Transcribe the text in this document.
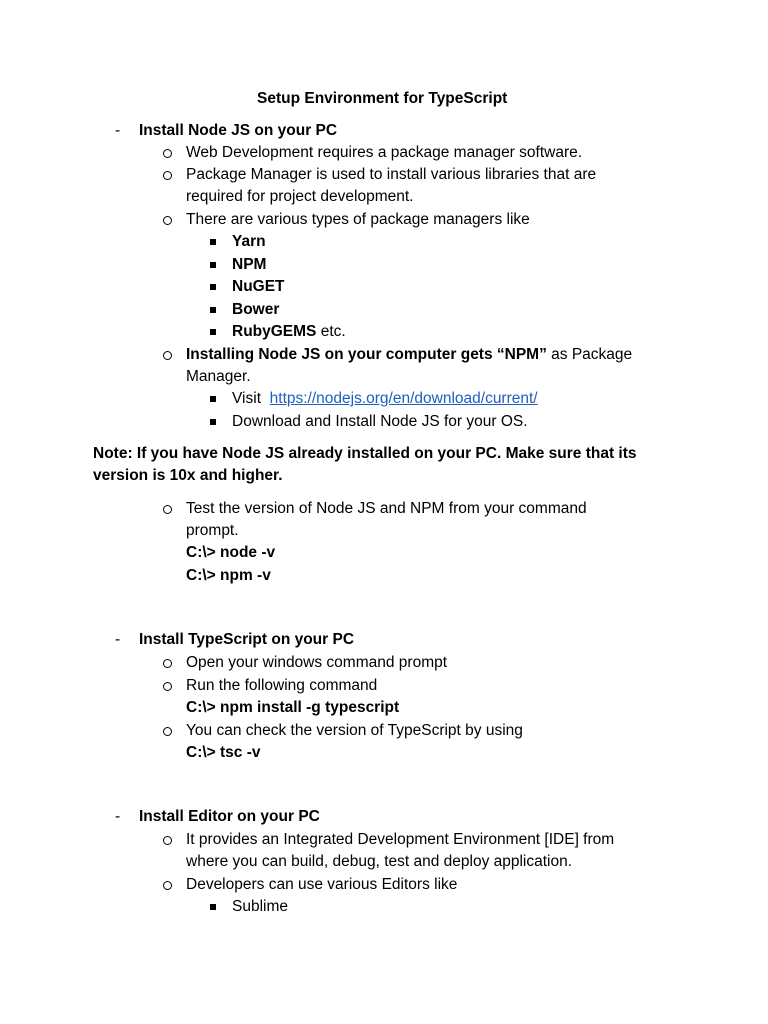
Setup Environment for TypeScript
- Install Node JS on your PC
Web Development requires a package manager software.
Package Manager is used to install various libraries that are
required for project development.
There are various types of package managers like
Yarn
NPM
NuGET
Bower
RubyGEMS etc.
Installing Node JS on your computer gets “NPM” as Package
Manager.
Visit https://nodejs.org/en/download/current/
Download and Install Node JS for your OS.
Note: If you have Node JS already installed on your PC. Make sure that its
version is 10x and higher.
Test the version of Node JS and NPM from your command
prompt.
C:\> node -v
C:\> npm -v
- Install TypeScript on your PC
Open your windows command prompt
Run the following command
C:\> npm install -g typescript
You can check the version of TypeScript by using
C:\> tsc -v
- Install Editor on your PC
It provides an Integrated Development Environment [IDE] from
where you can build, debug, test and deploy application.
Developers can use various Editors like
Sublime
